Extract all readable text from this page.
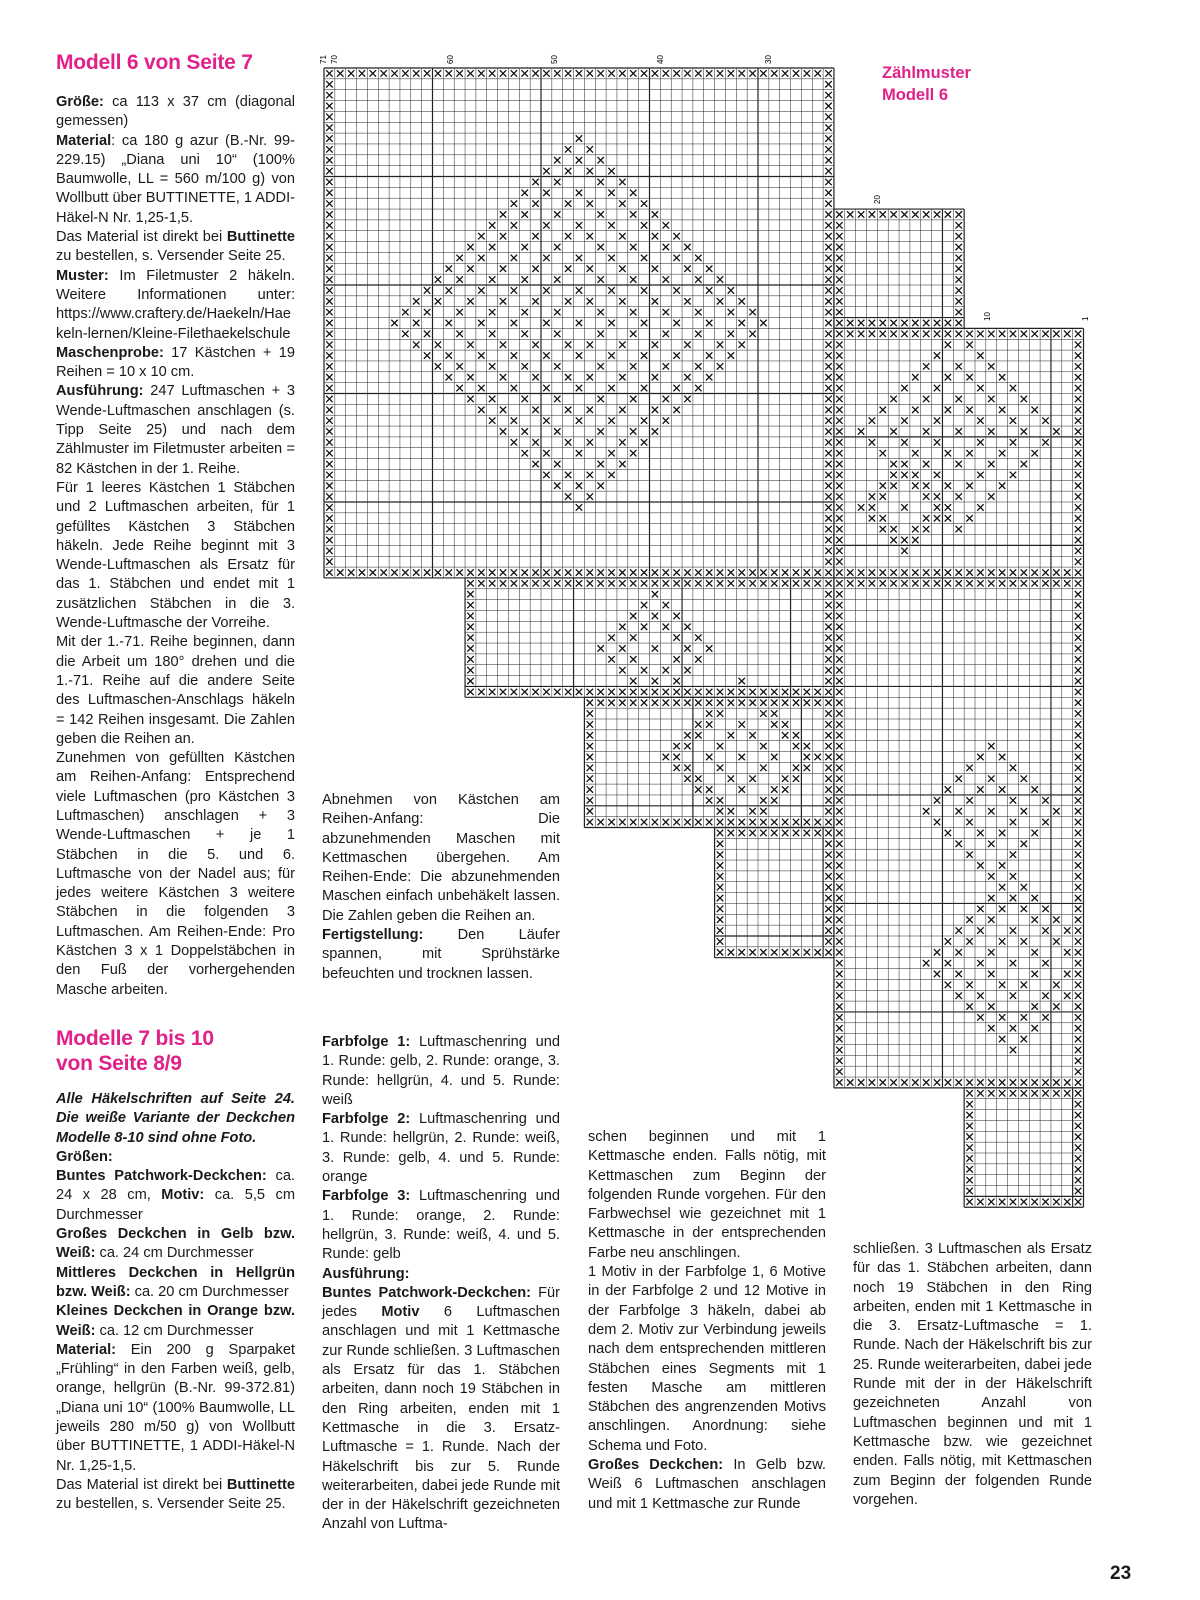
Modell 6 von Seite 7

Größe: ca 113 x 37 cm (diagonal gemessen)

Material: ca 180 g azur (B.-Nr. 99-229.15) „Diana uni 10“ (100% Baumwolle, LL = 560 m/100 g) von Wollbutt über BUTTINETTE, 1 ADDI-Häkel-N Nr. 1,25-1,5.

Das Material ist direkt bei Buttinette zu bestellen, s. Versender Seite 25.

Muster: Im Filetmuster 2 häkeln. Weitere Informationen unter: https://www.craftery.de/Haekeln/Haekeln-lernen/Kleine-Filethaekelschule

Maschenprobe: 17 Kästchen + 19 Reihen = 10 x 10 cm.

Ausführung: 247 Luftmaschen + 3 Wende-Luftmaschen anschlagen (s. Tipp Seite 25) und nach dem Zählmuster im Filetmuster arbeiten = 82 Kästchen in der 1. Reihe.

Für 1 leeres Kästchen 1 Stäbchen und 2 Luftmaschen arbeiten, für 1 gefülltes Kästchen 3 Stäbchen häkeln. Jede Reihe beginnt mit 3 Wende-Luftmaschen als Ersatz für das 1. Stäbchen und endet mit 1 zusätzlichen Stäbchen in die 3. Wende-Luftmasche der Vorreihe.

Mit der 1.-71. Reihe beginnen, dann die Arbeit um 180° drehen und die 1.-71. Reihe auf die andere Seite des Luftmaschen-Anschlags häkeln = 142 Reihen insgesamt. Die Zahlen geben die Reihen an.

Zunehmen von gefüllten Kästchen am Reihen-Anfang: Entsprechend viele Luftmaschen (pro Kästchen 3 Luftmaschen) anschlagen + 3 Wende-Luftmaschen + je 1 Stäbchen in die 5. und 6. Luftmasche von der Nadel aus; für jedes weitere Kästchen 3 weitere Stäbchen in die folgenden 3 Luftmaschen. Am Reihen-Ende: Pro Kästchen 3 x 1 Doppelstäbchen in den Fuß der vorhergehenden Masche arbeiten.

Abnehmen von Kästchen am Reihen-Anfang: Die abzunehmenden Maschen mit Kettmaschen übergehen. Am Reihen-Ende: Die abzunehmenden Maschen einfach unbehäkelt lassen. Die Zahlen geben die Reihen an.

Fertigstellung: Den Läufer spannen, mit Sprühstärke befeuchten und trocknen lassen.

Modelle 7 bis 10

von Seite 8/9

Alle Häkelschriften auf Seite 24. Die weiße Variante der Deckchen Modelle 8-10 sind ohne Foto.

Größen:

Buntes Patchwork-Deckchen: ca. 24 x 28 cm, Motiv: ca. 5,5 cm Durchmesser

Großes Deckchen in Gelb bzw. Weiß: ca. 24 cm Durchmesser

Mittleres Deckchen in Hellgrün bzw. Weiß: ca. 20 cm Durchmesser

Kleines Deckchen in Orange bzw. Weiß: ca. 12 cm Durchmesser

Material: Ein 200 g Sparpaket „Frühling“ in den Farben weiß, gelb, orange, hellgrün (B.-Nr. 99-372.81) „Diana uni 10“ (100% Baumwolle, LL jeweils 280 m/50 g) von Wollbutt über BUTTINETTE, 1 ADDI-Häkel-N Nr. 1,25-1,5.

Das Material ist direkt bei Buttinette zu bestellen, s. Versender Seite 25.

Farbfolge 1: Luftmaschenring und 1. Runde: gelb, 2. Runde: orange, 3. Runde: hellgrün, 4. und 5. Runde: weiß

Farbfolge 2: Luftmaschenring und 1. Runde: hellgrün, 2. Runde: weiß, 3. Runde: gelb, 4. und 5. Runde: orange

Farbfolge 3: Luftmaschenring und 1. Runde: orange, 2. Runde: hellgrün, 3. Runde: weiß, 4. und 5. Runde: gelb

Ausführung:

Buntes Patchwork-Deckchen: Für jedes Motiv 6 Luftmaschen anschlagen und mit 1 Kettmasche zur Runde schließen. 3 Luftmaschen als Ersatz für das 1. Stäbchen arbeiten, dann noch 19 Stäbchen in den Ring arbeiten, enden mit 1 Kettmasche in die 3. Ersatz-Luftmasche = 1. Runde. Nach der Häkelschrift bis zur 5. Runde weiterarbeiten, dabei jede Runde mit der in der Häkelschrift gezeichneten Anzahl von Luftma-

schen beginnen und mit 1 Kettmasche enden. Falls nötig, mit Kettmaschen zum Beginn der folgenden Runde vorgehen. Für den Farbwechsel wie gezeichnet mit 1 Kettmasche in der entsprechenden Farbe neu anschlingen.

1 Motiv in der Farbfolge 1, 6 Motive in der Farbfolge 2 und 12 Motive in der Farbfolge 3 häkeln, dabei ab dem 2. Motiv zur Verbindung jeweils nach dem entsprechenden mittleren Stäbchen eines Segments mit 1 festen Masche am mittleren Stäbchen des angrenzenden Motivs anschlingen. Anordnung: siehe Schema und Foto.

Großes Deckchen: In Gelb bzw. Weiß 6 Luftmaschen anschlagen und mit 1 Kettmasche zur Runde

schließen. 3 Luftmaschen als Ersatz für das 1. Stäbchen arbeiten, dann noch 19 Stäbchen in den Ring arbeiten, enden mit 1 Kettmasche in die 3. Ersatz-Luftmasche = 1. Runde. Nach der Häkelschrift bis zur 25. Runde weiterarbeiten, dabei jede Runde mit der in der Häkelschrift gezeichneten Anzahl von Luftmaschen beginnen und mit 1 Kettmasche bzw. wie gezeichnet enden. Falls nötig, mit Kettmaschen zum Beginn der folgenden Runde vorgehen.

Zählmuster
Modell 6
71 70	60	50	40	30
20
10	1
23
